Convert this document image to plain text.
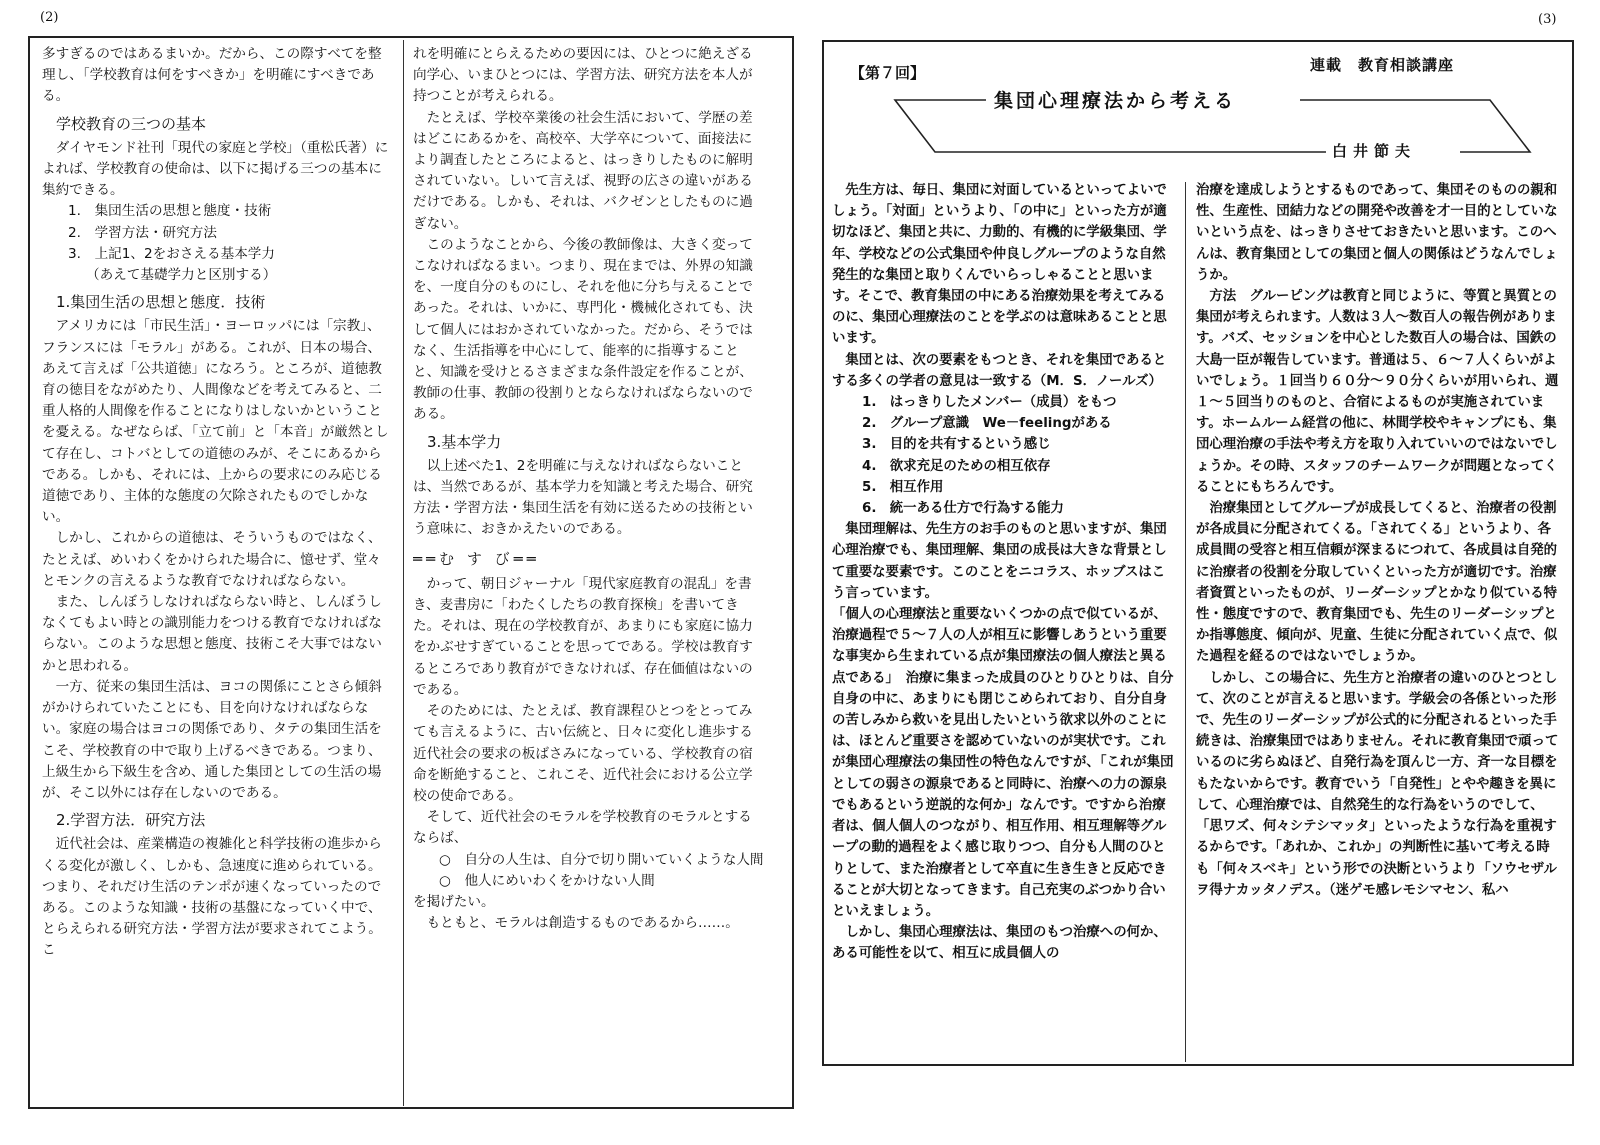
(2)

多すぎるのではあるまいか。だから、この際すべてを整理し、「学校教育は何をすべきか」を明確にすべきである。

学校教育の三つの基本

ダイヤモンド社刊「現代の家庭と学校」（重松氏著）によれば、学校教育の使命は、以下に掲げる三つの基本に集約できる。

1.　集団生活の思想と態度・技術

2.　学習方法・研究方法

3.　上記1、2をおさえる基本学力

（あえて基礎学力と区別する）

1.集団生活の思想と態度．技術

アメリカには「市民生活」・ヨーロッパには「宗教」、フランスには「モラル」がある。これが、日本の場合、あえて言えば「公共道徳」になろう。ところが、道徳教育の徳目をながめたり、人間像などを考えてみると、二重人格的人間像を作ることになりはしないかということを憂える。なぜならば、「立て前」と「本音」が厳然として存在し、コトバとしての道徳のみが、そこにあるからである。しかも、それには、上からの要求にのみ応じる道徳であり、主体的な態度の欠除されたものでしかない。

しかし、これからの道徳は、そういうものではなく、たとえば、めいわくをかけられた場合に、憶せず、堂々とモンクの言えるような教育でなければならない。

また、しんぼうしなければならない時と、しんぼうしなくてもよい時との識別能力をつける教育でなければならない。このような思想と態度、技術こそ大事ではないかと思われる。

一方、従来の集団生活は、ヨコの関係にことさら傾斜がかけられていたことにも、目を向けなければならない。家庭の場合はヨコの関係であり、タテの集団生活をこそ、学校教育の中で取り上げるべきである。つまり、上級生から下級生を含め、通した集団としての生活の場が、そこ以外には存在しないのである。

2.学習方法．研究方法

近代社会は、産業構造の複雑化と科学技術の進歩からくる変化が激しく、しかも、急速度に進められている。つまり、それだけ生活のテンポが速くなっていったのである。このような知識・技術の基盤になっていく中で、とらえられる研究方法・学習方法が要求されてこよう。こ

れを明確にとらえるための要因には、ひとつに絶えざる向学心、いまひとつには、学習方法、研究方法を本人が持つことが考えられる。

たとえば、学校卒業後の社会生活において、学歴の差はどこにあるかを、高校卒、大学卒について、面接法により調査したところによると、はっきりしたものに解明されていない。しいて言えば、視野の広さの違いがあるだけである。しかも、それは、バクゼンとしたものに過ぎない。

このようなことから、今後の教師像は、大きく変ってこなければなるまい。つまり、現在までは、外界の知識を、一度自分のものにし、それを他に分ち与えることであった。それは、いかに、専門化・機械化されても、決して個人にはおかされていなかった。だから、そうではなく、生活指導を中心にして、能率的に指導することと、知識を受けとるさまざまな条件設定を作ることが、教師の仕事、教師の役割りとならなければならないのである。

3.基本学力

以上述べた1、2を明確に与えなければならないことは、当然であるが、基本学力を知識と考えた場合、研究方法・学習方法・集団生活を有効に送るための技術という意味に、おきかえたいのである。

══む す び══

かって、朝日ジャーナル「現代家庭教育の混乱」を書き、麦書房に「わたくしたちの教育探検」を書いてきた。それは、現在の学校教育が、あまりにも家庭に協力をかぶせすぎていることを思ってである。学校は教育するところであり教育ができなければ、存在価値はないのである。

そのためには、たとえば、教育課程ひとつをとってみても言えるように、古い伝統と、日々に変化し進歩する近代社会の要求の板ばさみになっている、学校教育の宿命を断絶すること、これこそ、近代社会における公立学校の使命である。

そして、近代社会のモラルを学校教育のモラルとするならば、

○　自分の人生は、自分で切り開いていくような人間

○　他人にめいわくをかけない人間

を掲げたい。

もともと、モラルは創造するものであるから……。

(3)
【第７回】	連載　教育相談講座
集団心理療法から考える
白井節夫

先生方は、毎日、集団に対面しているといってよいでしょう。「対面」というより、「の中に」といった方が適切なほど、集団と共に、力動的、有機的に学級集団、学年、学校などの公式集団や仲良しグループのような自然発生的な集団と取りくんでいらっしゃることと思います。そこで、教育集団の中にある治療効果を考えてみるのに、集団心理療法のことを学ぶのは意味あることと思います。

集団とは、次の要素をもつとき、それを集団であるとする多くの学者の意見は一致する（M．S．ノールズ）

1.　はっきりしたメンバー（成員）をもつ

2.　グループ意識　We－feelingがある

3.　目的を共有するという感じ

4.　欲求充足のための相互依存

5.　相互作用

6.　統一ある仕方で行為する能力

集団理解は、先生方のお手のものと思いますが、集団心理治療でも、集団理解、集団の成長は大きな背景として重要な要素です。このことをニコラス、ホッブスはこう言っています。

「個人の心理療法と重要ないくつかの点で似ているが、治療過程で５～７人の人が相互に影響しあうという重要な事実から生まれている点が集団療法の個人療法と異る点である」　治療に集まった成員のひとりひとりは、自分自身の中に、あまりにも閉じこめられており、自分自身の苦しみから救いを見出したいという欲求以外のことには、ほとんど重要さを認めていないのが実状です。これが集団心理療法の集団性の特色なんですが、「これが集団としての弱さの源泉であると同時に、治療への力の源泉でもあるという逆説的な何か」なんです。ですから治療者は、個人個人のつながり、相互作用、相互理解等グループの動的過程をよく感じ取りつつ、自分も人間のひとりとして、また治療者として卒直に生き生きと反応できることが大切となってきます。自己充実のぶつかり合いといえましょう。

しかし、集団心理療法は、集団のもつ治療への何か、ある可能性を以て、相互に成員個人の

治療を達成しようとするものであって、集団そのものの親和性、生産性、団結力などの開発や改善を才一目的としていないという点を、はっきりさせておきたいと思います。このへんは、教育集団としての集団と個人の関係はどうなんでしょうか。

方法　グルーピングは教育と同じように、等質と異質との集団が考えられます。人数は３人～数百人の報告例があります。バズ、セッションを中心とした数百人の場合は、国鉄の大島一臣が報告しています。普通は５、６～７人くらいがよいでしょう。１回当り６０分～９０分くらいが用いられ、週１～５回当りのものと、合宿によるものが実施されています。ホームルーム経営の他に、林間学校やキャンプにも、集団心理治療の手法や考え方を取り入れていいのではないでしょうか。その時、スタッフのチームワークが問題となってくることにもちろんです。

治療集団としてグループが成長してくると、治療者の役割が各成員に分配されてくる。「されてくる」というより、各成員間の受容と相互信頼が深まるにつれて、各成員は自発的に治療者の役割を分取していくといった方が適切です。治療者資質といったものが、リーダーシップとかなり似ている特性・態度ですので、教育集団でも、先生のリーダーシップとか指導態度、傾向が、児童、生徒に分配されていく点で、似た過程を経るのではないでしょうか。

しかし、この場合に、先生方と治療者の違いのひとつとして、次のことが言えると思います。学級会の各係といった形で、先生のリーダーシップが公式的に分配されるといった手続きは、治療集団ではありません。それに教育集団で頑っているのに劣らぬほど、自発行為を頂んじ一方、斉一な目標をもたないからです。教育でいう「自発性」とやや趣きを異にして、心理治療では、自然発生的な行為をいうのでして、「思ワズ、何々シテシマッタ」といったような行為を重視するからです。「あれか、これか」の判断性に基いて考える時も「何々スベキ」という形での決断というより「ソウセザルヲ得ナカッタノデス。（迷ゲモ感レモシマセン、私ハ
